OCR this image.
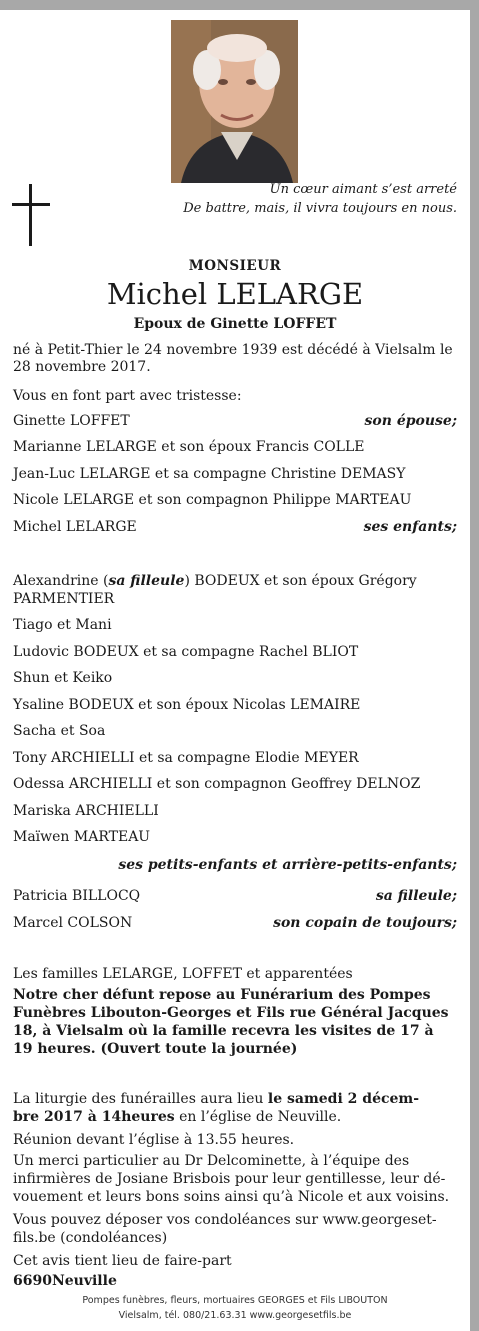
Un cœur aimant s’est arreté
De battre, mais, il vivra toujours en nous.
MONSIEUR
Michel LELARGE
Epoux de Ginette LOFFET
né à Petit-Thier le 24 novembre 1939 est décédé à Vielsalm le
28 novembre 2017.
Vous en font part avec tristesse:
Ginette LOFFET	son épouse;
Marianne LELARGE et son époux Francis COLLE
Jean-Luc LELARGE et sa compagne Christine DEMASY
Nicole LELARGE et son compagnon Philippe MARTEAU
Michel LELARGE	ses enfants;
Alexandrine (sa filleule) BODEUX et son époux Grégory
PARMENTIER
Tiago et Mani
Ludovic BODEUX et sa compagne Rachel BLIOT
Shun et Keiko
Ysaline BODEUX et son époux Nicolas LEMAIRE
Sacha et Soa
Tony ARCHIELLI et sa compagne Elodie MEYER
Odessa ARCHIELLI et son compagnon Geoffrey DELNOZ
Mariska ARCHIELLI
Maïwen MARTEAU
ses petits-enfants et arrière-petits-enfants;
Patricia BILLOCQ	sa filleule;
Marcel COLSON	son copain de toujours;
Les familles LELARGE, LOFFET et apparentées
Notre cher défunt repose au Funérarium des Pompes
Funèbres Libouton-Georges et Fils rue Général Jacques
18, à Vielsalm où la famille recevra les visites de 17 à
19 heures. (Ouvert toute la journée)
La liturgie des funérailles aura lieu le samedi 2 décem-
bre 2017 à 14heures en l’église de Neuville.
Réunion devant l’église à 13.55 heures.
Un merci particulier au Dr Delcominette, à l’équipe des
infirmières de Josiane Brisbois pour leur gentillesse, leur dé-
vouement et leurs bons soins ainsi qu’à Nicole et aux voisins.
Vous pouvez déposer vos condoléances sur www.georgeset-
fils.be (condoléances)
Cet avis tient lieu de faire-part
6690Neuville
Pompes funèbres, fleurs, mortuaires GEORGES et Fils LIBOUTON
Vielsalm, tél. 080/21.63.31 www.georgesetfils.be
